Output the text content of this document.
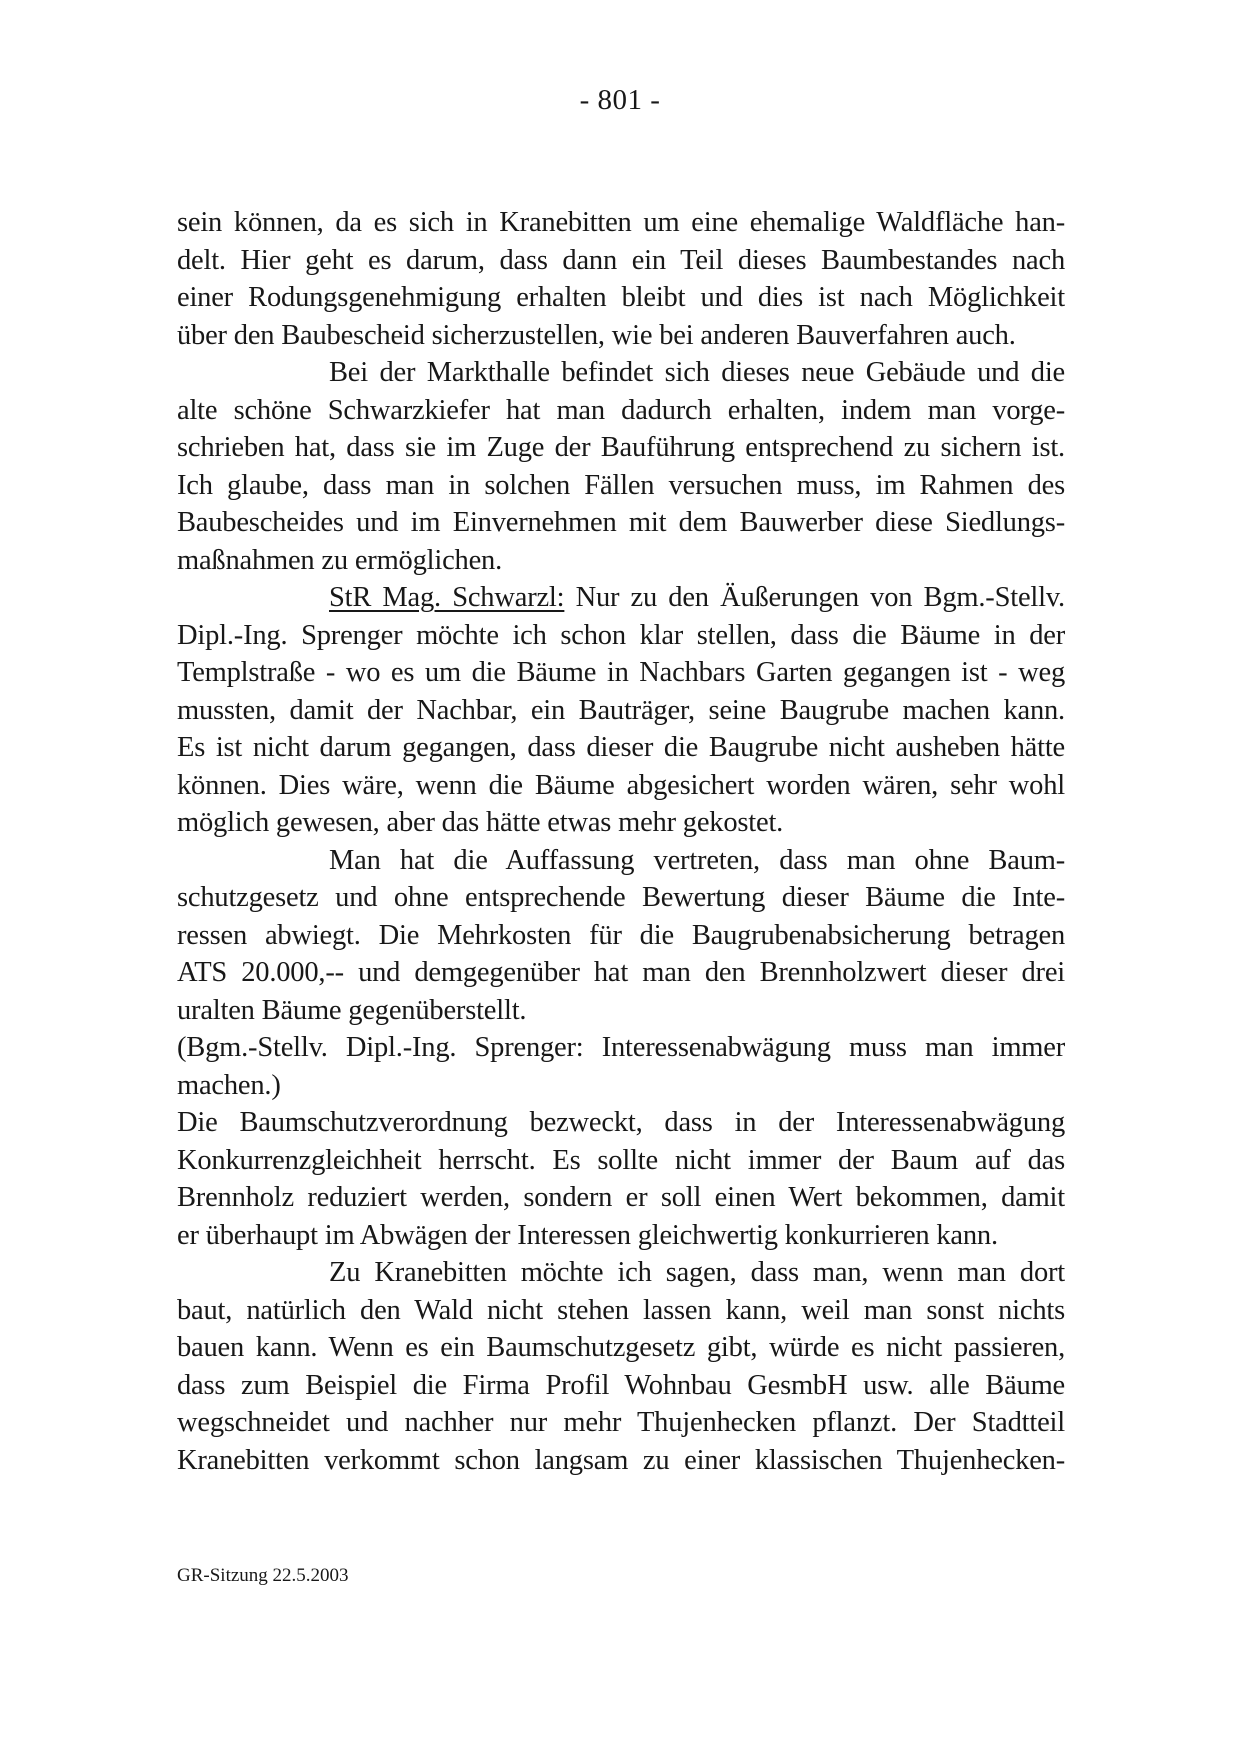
- 801 -
sein können, da es sich in Kranebitten um eine ehemalige Waldfläche han-
delt. Hier geht es darum, dass dann ein Teil dieses Baumbestandes nach
einer Rodungsgenehmigung erhalten bleibt und dies ist nach Möglichkeit
über den Baubescheid sicherzustellen, wie bei anderen Bauverfahren auch.
Bei der Markthalle befindet sich dieses neue Gebäude und die
alte schöne Schwarzkiefer hat man dadurch erhalten, indem man vorge-
schrieben hat, dass sie im Zuge der Bauführung entsprechend zu sichern ist.
Ich glaube, dass man in solchen Fällen versuchen muss, im Rahmen des
Baubescheides und im Einvernehmen mit dem Bauwerber diese Siedlungs-
maßnahmen zu ermöglichen.
StR Mag. Schwarzl: Nur zu den Äußerungen von Bgm.-Stellv.
Dipl.-Ing. Sprenger möchte ich schon klar stellen, dass die Bäume in der
Templstraße - wo es um die Bäume in Nachbars Garten gegangen ist - weg
mussten, damit der Nachbar, ein Bauträger, seine Baugrube machen kann.
Es ist nicht darum gegangen, dass dieser die Baugrube nicht ausheben hätte
können. Dies wäre, wenn die Bäume abgesichert worden wären, sehr wohl
möglich gewesen, aber das hätte etwas mehr gekostet.
Man hat die Auffassung vertreten, dass man ohne Baum-
schutzgesetz und ohne entsprechende Bewertung dieser Bäume die Inte-
ressen abwiegt. Die Mehrkosten für die Baugrubenabsicherung betragen
ATS 20.000,-- und demgegenüber hat man den Brennholzwert dieser drei
uralten Bäume gegenüberstellt.
(Bgm.-Stellv. Dipl.-Ing. Sprenger: Interessenabwägung muss man immer
machen.)
Die Baumschutzverordnung bezweckt, dass in der Interessenabwägung
Konkurrenzgleichheit herrscht. Es sollte nicht immer der Baum auf das
Brennholz reduziert werden, sondern er soll einen Wert bekommen, damit
er überhaupt im Abwägen der Interessen gleichwertig konkurrieren kann.
Zu Kranebitten möchte ich sagen, dass man, wenn man dort
baut, natürlich den Wald nicht stehen lassen kann, weil man sonst nichts
bauen kann. Wenn es ein Baumschutzgesetz gibt, würde es nicht passieren,
dass zum Beispiel die Firma Profil Wohnbau GesmbH usw. alle Bäume
wegschneidet und nachher nur mehr Thujenhecken pflanzt. Der Stadtteil
Kranebitten verkommt schon langsam zu einer klassischen Thujenhecken-
GR-Sitzung 22.5.2003
